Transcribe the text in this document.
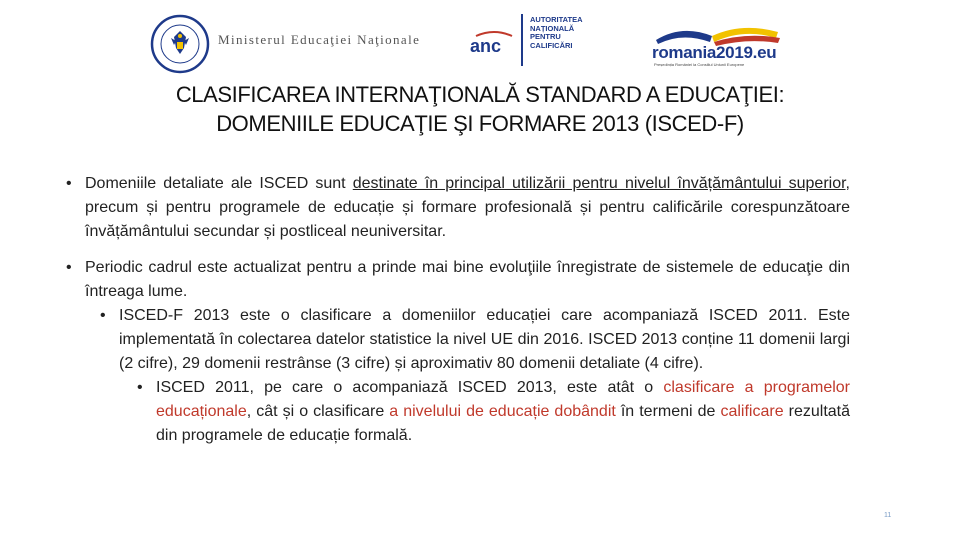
Ministerul Educaţiei Naţionale	anc
AUTORITATEA
NAȚIONALĂ
PENTRU
CALIFICĂRI	romania2019.eu
Președinția României la Consiliul Uniunii Europene
CLASIFICAREA INTERNAŢIONALĂ STANDARD A EDUCAŢIEI:
DOMENIILE EDUCAŢIE ŞI FORMARE 2013 (ISCED-F)
• Domeniile detaliate ale ISCED sunt destinate în principal utilizării pentru nivelul învățământului superior, precum și pentru programele de educație și formare profesională și pentru calificările corespunzătoare învățământului secundar și postliceal neuniversitar.
• Periodic cadrul este actualizat pentru a prinde mai bine evoluţiile înregistrate de sistemele de educaţie din întreaga lume.
• ISCED-F 2013 este o clasificare a domeniilor educației care acompaniază ISCED 2011. Este implementată în colectarea datelor statistice la nivel UE din 2016. ISCED 2013 conține 11 domenii largi (2 cifre), 29 domenii restrânse (3 cifre) și aproximativ 80 domenii detaliate (4 cifre).
• ISCED 2011, pe care o acompaniază ISCED 2013, este atât o clasificare a programelor educaționale, cât și o clasificare a nivelului de educație dobândit în termeni de calificare rezultată din programele de educație formală.
11
